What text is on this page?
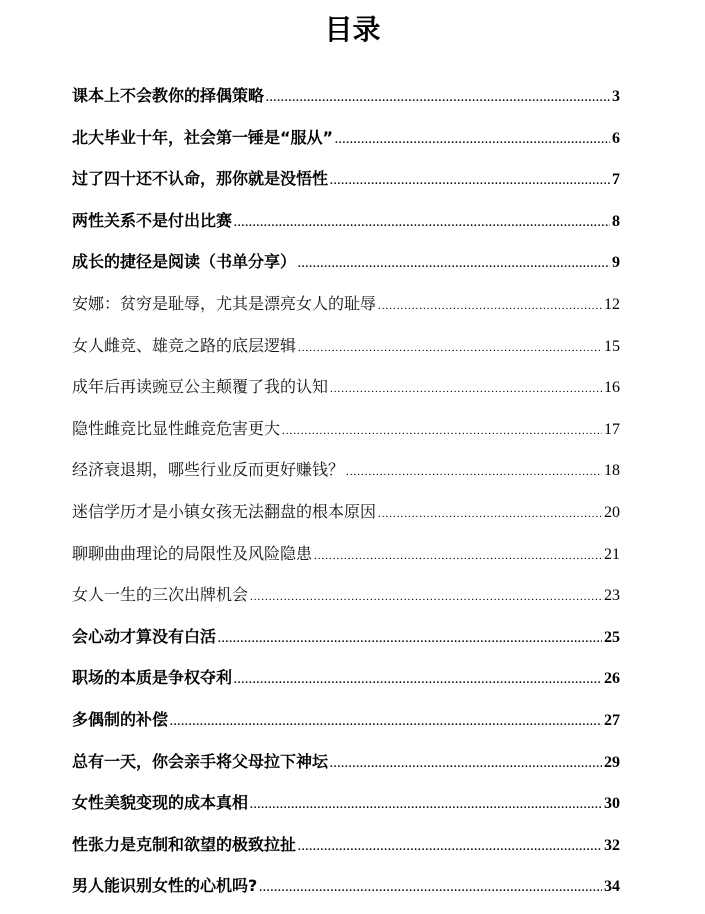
目录
课本上不会教你的择偶策略 .....	3
北大毕业十年，社会第一锤是“服从” .....	6
过了四十还不认命，那你就是没悟性 .....	7
两性关系不是付出比赛 .....	8
成长的捷径是阅读（书单分享） .....	9
安娜：贫穷是耻辱，尤其是漂亮女人的耻辱 .....	12
女人雌竞、雄竞之路的底层逻辑 .....	15
成年后再读豌豆公主颠覆了我的认知 .....	16
隐性雌竞比显性雌竞危害更大 .....	17
经济衰退期，哪些行业反而更好赚钱？ .....	18
迷信学历才是小镇女孩无法翻盘的根本原因 .....	20
聊聊曲曲理论的局限性及风险隐患 .....	21
女人一生的三次出牌机会 .....	23
会心动才算没有白活 .....	25
职场的本质是争权夺利 .....	26
多偶制的补偿 .....	27
总有一天，你会亲手将父母拉下神坛 .....	29
女性美貌变现的成本真相 .....	30
性张力是克制和欲望的极致拉扯 .....	32
男人能识别女性的心机吗? .....	34
